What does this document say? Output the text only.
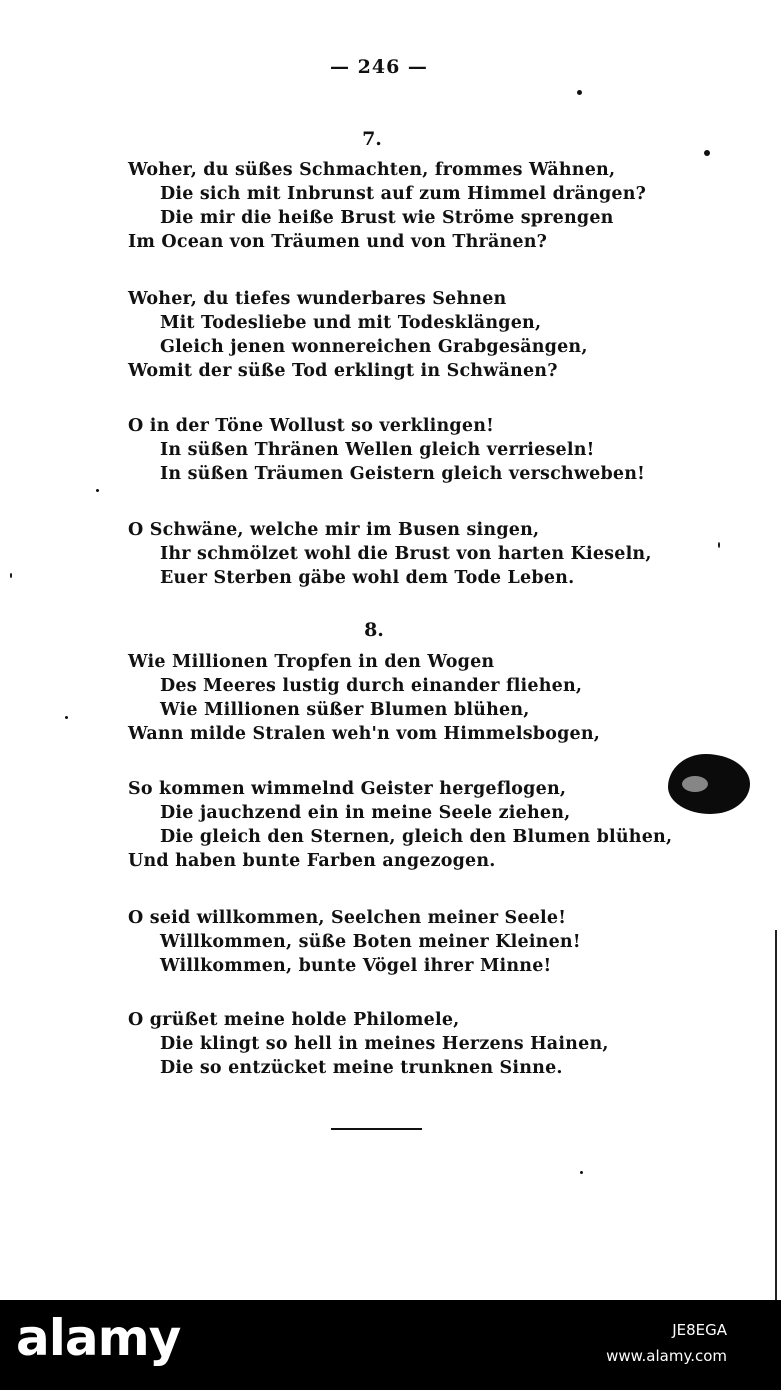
— 246 —
7.
Woher, du süßes Schmachten, frommes Wähnen,
Die sich mit Inbrunst auf zum Himmel drängen?
Die mir die heiße Brust wie Ströme sprengen
Im Ocean von Träumen und von Thränen?
Woher, du tiefes wunderbares Sehnen
Mit Todesliebe und mit Todesklängen,
Gleich jenen wonnereichen Grabgesängen,
Womit der süße Tod erklingt in Schwänen?
O in der Töne Wollust so verklingen!
In süßen Thränen Wellen gleich verrieseln!
In süßen Träumen Geistern gleich verschweben!
O Schwäne, welche mir im Busen singen,
Ihr schmölzet wohl die Brust von harten Kieseln,
Euer Sterben gäbe wohl dem Tode Leben.
8.
Wie Millionen Tropfen in den Wogen
Des Meeres lustig durch einander fliehen,
Wie Millionen süßer Blumen blühen,
Wann milde Stralen weh'n vom Himmelsbogen,
So kommen wimmelnd Geister hergeflogen,
Die jauchzend ein in meine Seele ziehen,
Die gleich den Sternen, gleich den Blumen blühen,
Und haben bunte Farben angezogen.
O seid willkommen, Seelchen meiner Seele!
Willkommen, süße Boten meiner Kleinen!
Willkommen, bunte Vögel ihrer Minne!
O grüßet meine holde Philomele,
Die klingt so hell in meines Herzens Hainen,
Die so entzücket meine trunknen Sinne.
alamy	JE8EGA
www.alamy.com
